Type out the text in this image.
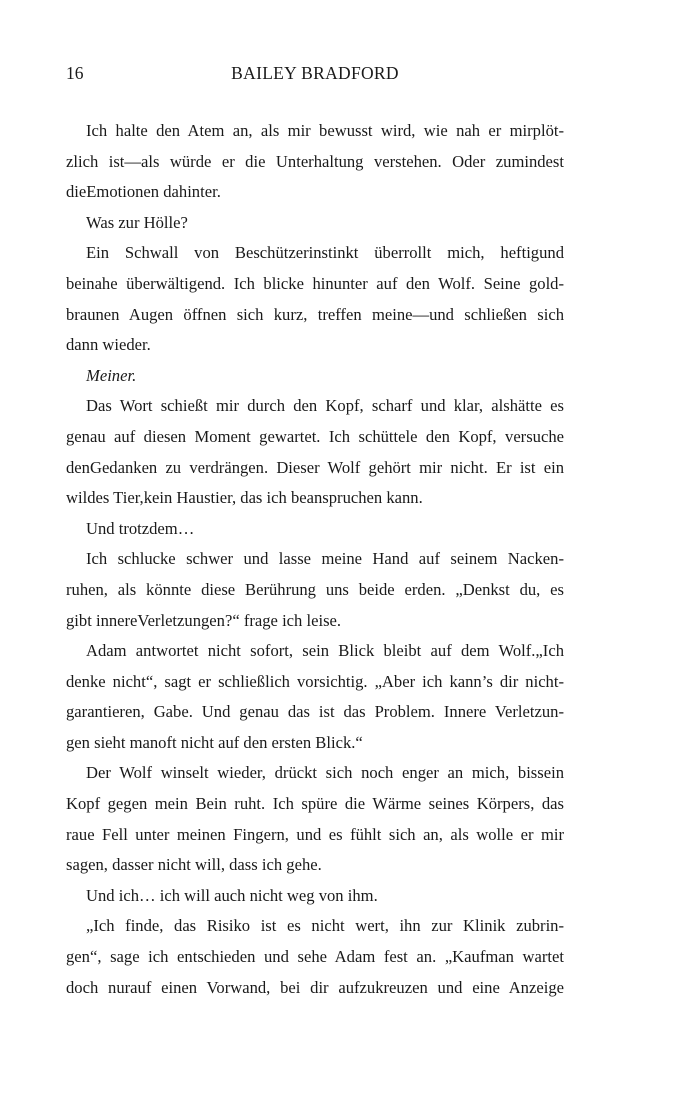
16	BAILEY BRADFORD
Ich halte den Atem an, als mir bewusst wird, wie nah er mirplöt-
zlich ist—als würde er die Unterhaltung verstehen. Oder zumindest
dieEmotionen dahinter.
Was zur Hölle?
Ein Schwall von Beschützerinstinkt überrollt mich, heftigund
beinahe überwältigend. Ich blicke hinunter auf den Wolf. Seine gold-
braunen Augen öffnen sich kurz, treffen meine—und schließen sich
dann wieder.
Meiner.
Das Wort schießt mir durch den Kopf, scharf und klar, alshätte es
genau auf diesen Moment gewartet. Ich schüttele den Kopf, versuche
denGedanken zu verdrängen. Dieser Wolf gehört mir nicht. Er ist ein
wildes Tier,kein Haustier, das ich beanspruchen kann.
Und trotzdem…
Ich schlucke schwer und lasse meine Hand auf seinem Nacken-
ruhen, als könnte diese Berührung uns beide erden. „Denkst du, es
gibt innereVerletzungen?“ frage ich leise.
Adam antwortet nicht sofort, sein Blick bleibt auf dem Wolf.„Ich
denke nicht“, sagt er schließlich vorsichtig. „Aber ich kann’s dir nicht-
garantieren, Gabe. Und genau das ist das Problem. Innere Verletzun-
gen sieht manoft nicht auf den ersten Blick.“
Der Wolf winselt wieder, drückt sich noch enger an mich, bissein
Kopf gegen mein Bein ruht. Ich spüre die Wärme seines Körpers, das
raue Fell unter meinen Fingern, und es fühlt sich an, als wolle er mir
sagen, dasser nicht will, dass ich gehe.
Und ich… ich will auch nicht weg von ihm.
„Ich finde, das Risiko ist es nicht wert, ihn zur Klinik zubrin-
gen“, sage ich entschieden und sehe Adam fest an. „Kaufman wartet
doch nurauf einen Vorwand, bei dir aufzukreuzen und eine Anzeige
